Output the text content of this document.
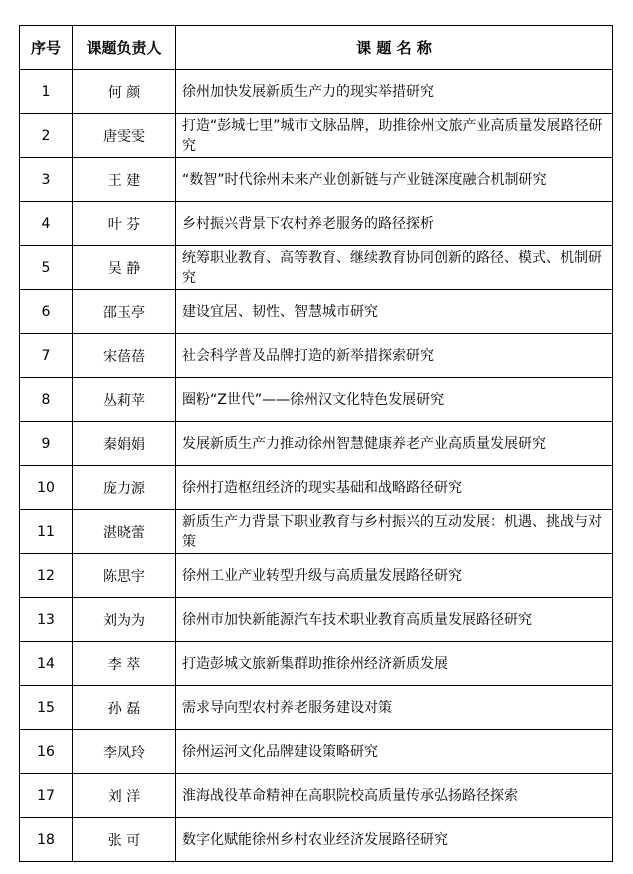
序号	课题负责人	课 题 名 称
1	何 颜	徐州加快发展新质生产力的现实举措研究
2	唐雯雯	打造“彭城七里”城市文脉品牌，助推徐州文旅产业高质量发展路径研究
3	王 建	“数智”时代徐州未来产业创新链与产业链深度融合机制研究
4	叶 芬	乡村振兴背景下农村养老服务的路径探析
5	吴 静	统筹职业教育、高等教育、继续教育协同创新的路径、模式、机制研究
6	邵玉亭	建设宜居、韧性、智慧城市研究
7	宋蓓蓓	社会科学普及品牌打造的新举措探索研究
8	丛莉苹	圈粉“Z世代”——徐州汉文化特色发展研究
9	秦娟娟	发展新质生产力推动徐州智慧健康养老产业高质量发展研究
10	庞力源	徐州打造枢纽经济的现实基础和战略路径研究
11	湛晓蕾	新质生产力背景下职业教育与乡村振兴的互动发展：机遇、挑战与对策
12	陈思宇	徐州工业产业转型升级与高质量发展路径研究
13	刘为为	徐州市加快新能源汽车技术职业教育高质量发展路径研究
14	李 萃	打造彭城文旅新集群助推徐州经济新质发展
15	孙 磊	需求导向型农村养老服务建设对策
16	李凤玲	徐州运河文化品牌建设策略研究
17	刘 洋	淮海战役革命精神在高职院校高质量传承弘扬路径探索
18	张 可	数字化赋能徐州乡村农业经济发展路径研究
